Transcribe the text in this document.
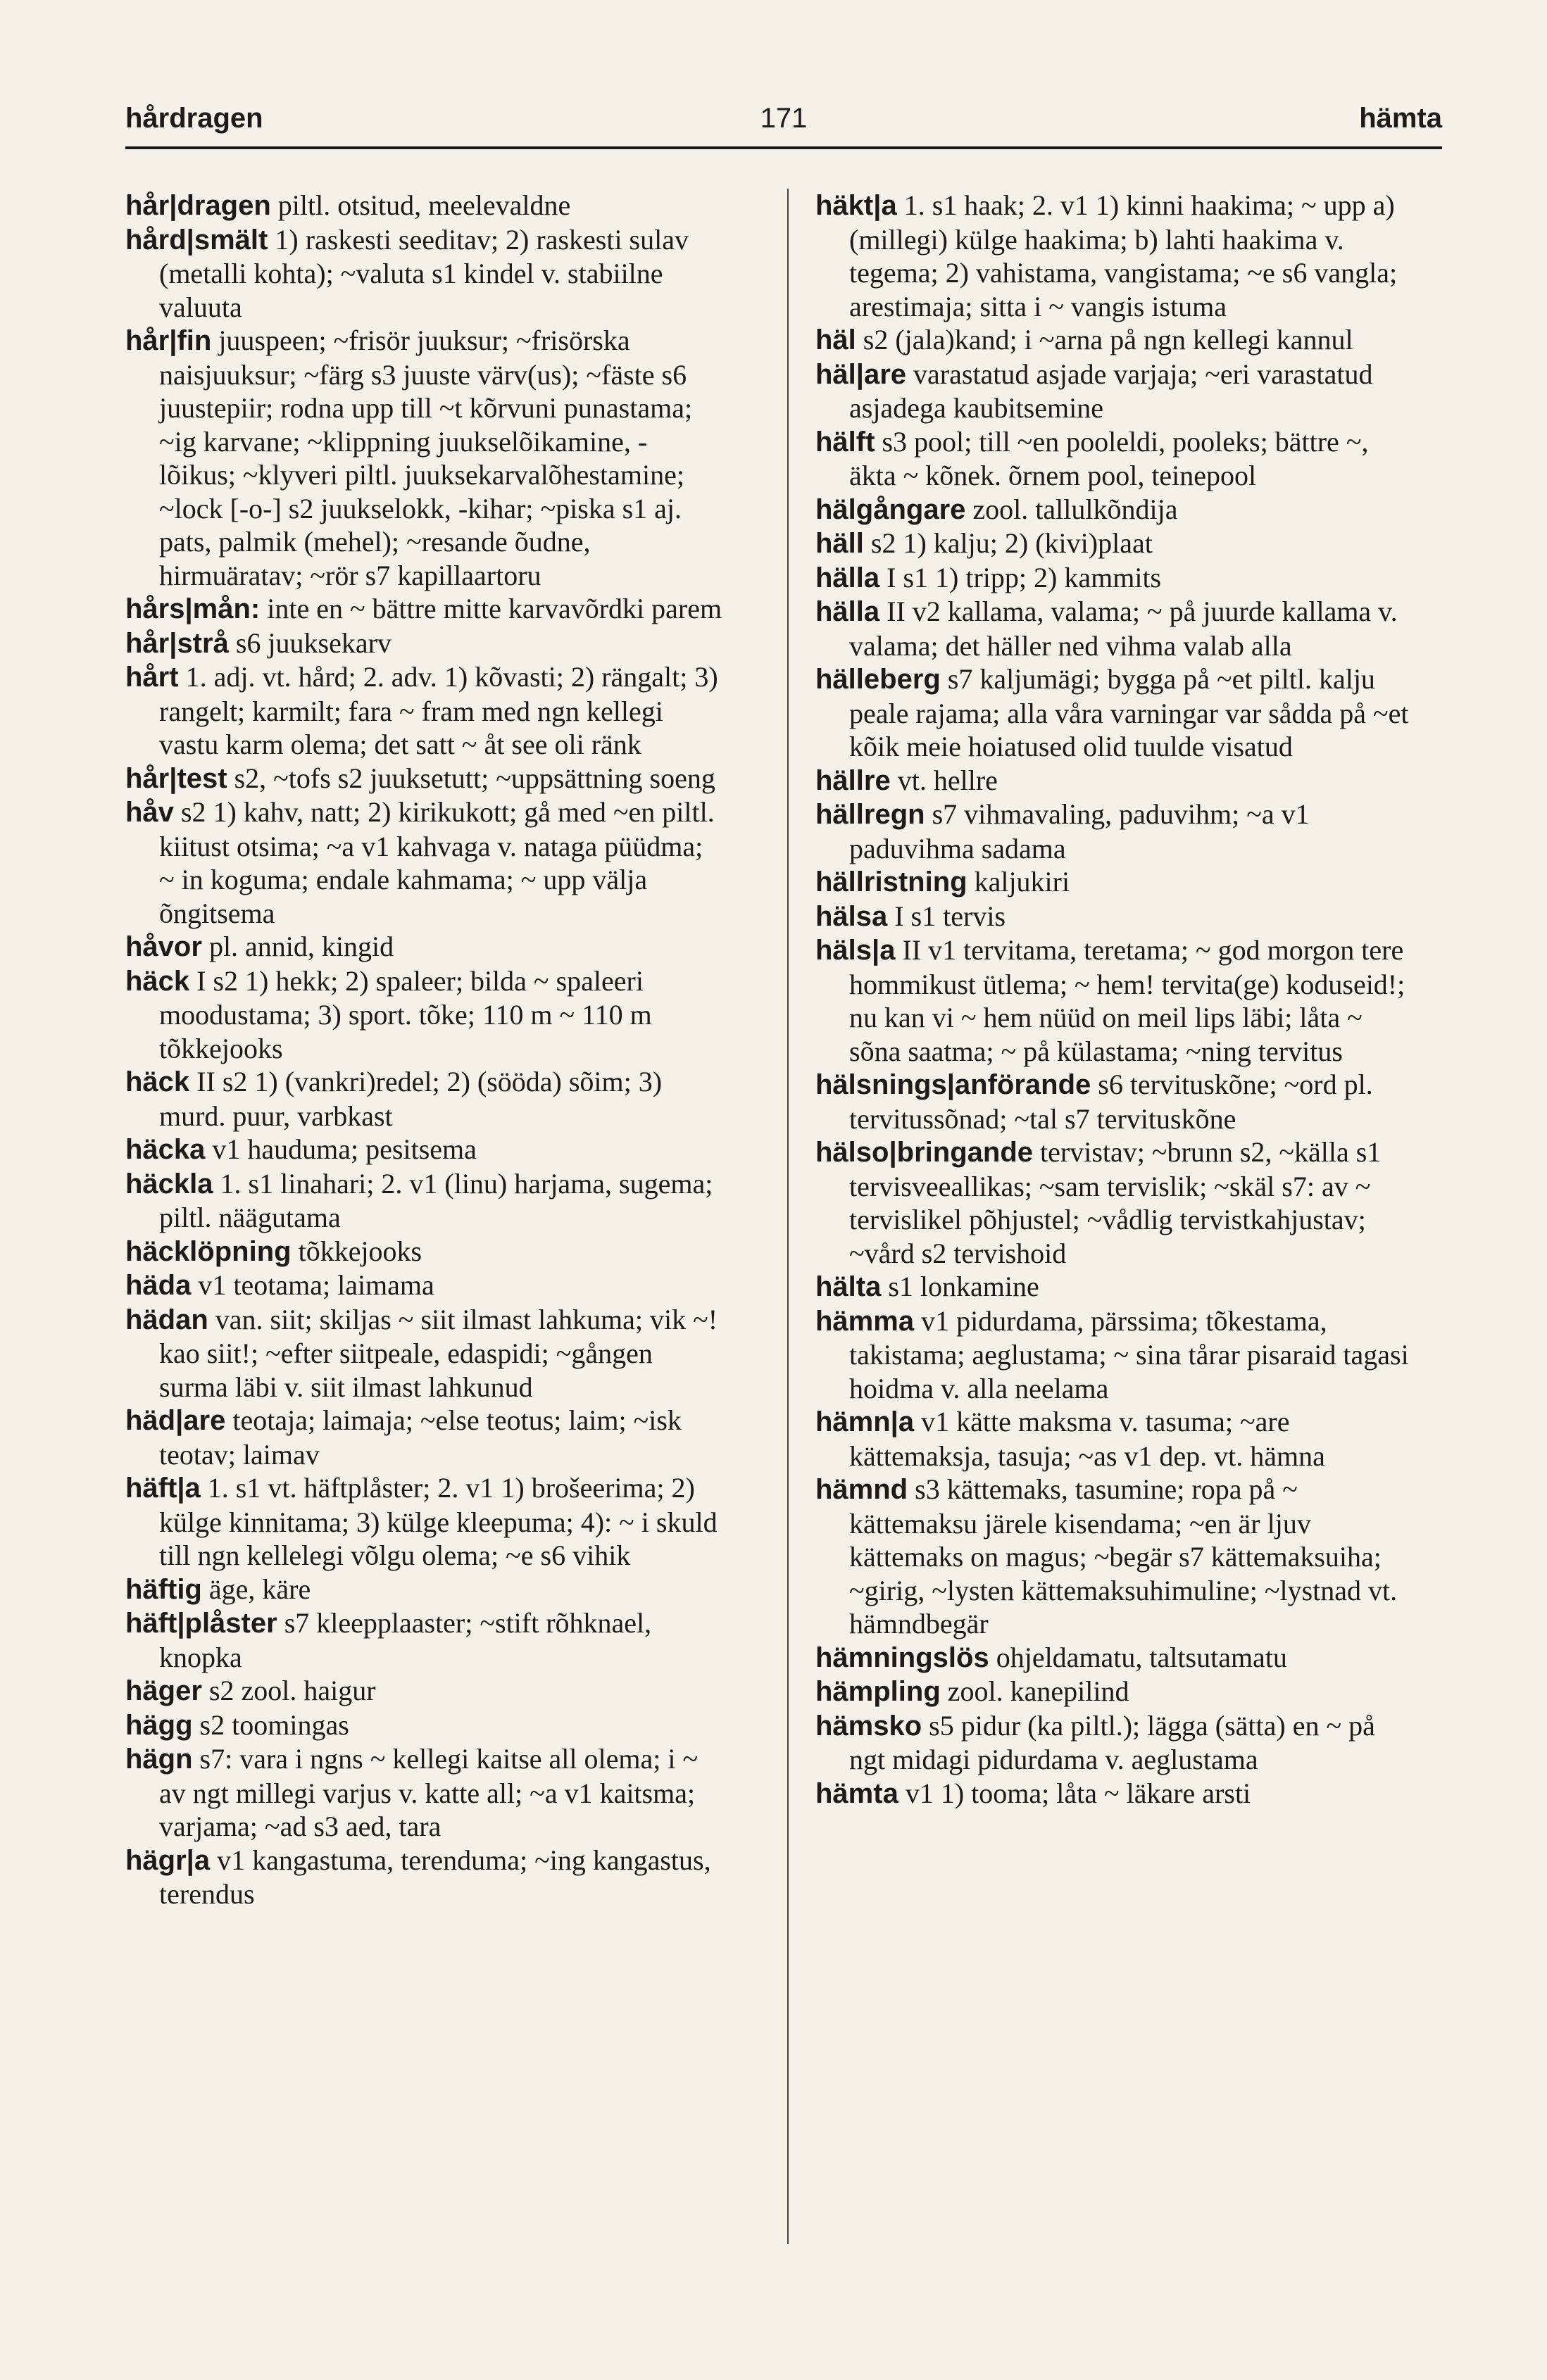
171
hårdragen	hämta
hår|dragen piltl. otsitud, meelevaldne
hård|smält 1) raskesti seeditav; 2) raskesti sulav (metalli kohta); ~valuta s1 kindel v. stabiilne valuuta
hår|fin juuspeen; ~frisör juuksur; ~frisörska naisjuuksur; ~färg s3 juuste värv(us); ~fäste s6 juustepiir; rodna upp till ~t kõrvuni punastama; ~ig karvane; ~klippning juukselõikamine, -lõikus; ~klyveri piltl. juuksekarvalõhestamine; ~lock [-o-] s2 juukselokk, -kihar; ~piska s1 aj. pats, palmik (mehel); ~resande õudne, hirmuäratav; ~rör s7 kapillaartoru
hårs|mån: inte en ~ bättre mitte karvavõrdki parem
hår|strå s6 juuksekarv
hårt 1. adj. vt. hård; 2. adv. 1) kõvasti; 2) rängalt; 3) rangelt; karmilt; fara ~ fram med ngn kellegi vastu karm olema; det satt ~ åt see oli ränk
hår|test s2, ~tofs s2 juuksetutt; ~uppsättning soeng
håv s2 1) kahv, natt; 2) kirikukott; gå med ~en piltl. kiitust otsima; ~a v1 kahvaga v. nataga püüdma; ~ in koguma; endale kahmama; ~ upp välja õngitsema
håvor pl. annid, kingid
häck I s2 1) hekk; 2) spaleer; bilda ~ spaleeri moodustama; 3) sport. tõke; 110 m ~ 110 m tõkkejooks
häck II s2 1) (vankri)redel; 2) (sööda) sõim; 3) murd. puur, varbkast
häcka v1 hauduma; pesitsema
häckla 1. s1 linahari; 2. v1 (linu) harjama, sugema; piltl. näägutama
häcklöpning tõkkejooks
häda v1 teotama; laimama
hädan van. siit; skiljas ~ siit ilmast lahkuma; vik ~! kao siit!; ~efter siitpeale, edaspidi; ~gången surma läbi v. siit ilmast lahkunud
häd|are teotaja; laimaja; ~else teotus; laim; ~isk teotav; laimav
häft|a 1. s1 vt. häftplåster; 2. v1 1) brošeerima; 2) külge kinnitama; 3) külge kleepuma; 4): ~ i skuld till ngn kellelegi võlgu olema; ~e s6 vihik
häftig äge, käre
häft|plåster s7 kleepplaaster; ~stift rõhknael, knopka
häger s2 zool. haigur
hägg s2 toomingas
hägn s7: vara i ngns ~ kellegi kaitse all olema; i ~ av ngt millegi varjus v. katte all; ~a v1 kaitsma; varjama; ~ad s3 aed, tara
hägr|a v1 kangastuma, terenduma; ~ing kangastus, terendus
häkt|a 1. s1 haak; 2. v1 1) kinni haakima; ~ upp a) (millegi) külge haakima; b) lahti haakima v. tegema; 2) vahistama, vangistama; ~e s6 vangla; arestimaja; sitta i ~ vangis istuma
häl s2 (jala)kand; i ~arna på ngn kellegi kannul
häl|are varastatud asjade varjaja; ~eri varastatud asjadega kaubitsemine
hälft s3 pool; till ~en pooleldi, pooleks; bättre ~, äkta ~ kõnek. õrnem pool, teinepool
hälgångare zool. tallulkõndija
häll s2 1) kalju; 2) (kivi)plaat
hälla I s1 1) tripp; 2) kammits
hälla II v2 kallama, valama; ~ på juurde kallama v. valama; det häller ned vihma valab alla
hälleberg s7 kaljumägi; bygga på ~et piltl. kalju peale rajama; alla våra varningar var sådda på ~et kõik meie hoiatused olid tuulde visatud
hällre vt. hellre
hällregn s7 vihmavaling, paduvihm; ~a v1 paduvihma sadama
hällristning kaljukiri
hälsa I s1 tervis
häls|a II v1 tervitama, teretama; ~ god morgon tere hommikust ütlema; ~ hem! tervita(ge) koduseid!; nu kan vi ~ hem nüüd on meil lips läbi; låta ~ sõna saatma; ~ på külastama; ~ning tervitus
hälsnings|anförande s6 tervituskõne; ~ord pl. tervitussõnad; ~tal s7 tervituskõne
hälso|bringande tervistav; ~brunn s2, ~källa s1 tervisveeallikas; ~sam tervislik; ~skäl s7: av ~ tervislikel põhjustel; ~vådlig tervistkahjustav; ~vård s2 tervishoid
hälta s1 lonkamine
hämma v1 pidurdama, pärssima; tõkestama, takistama; aeglustama; ~ sina tårar pisaraid tagasi hoidma v. alla neelama
hämn|a v1 kätte maksma v. tasuma; ~are kättemaksja, tasuja; ~as v1 dep. vt. hämna
hämnd s3 kättemaks, tasumine; ropa på ~ kättemaksu järele kisendama; ~en är ljuv kättemaks on magus; ~begär s7 kättemaksuiha; ~girig, ~lysten kättemaksuhimuline; ~lystnad vt. hämndbegär
hämningslös ohjeldamatu, taltsutamatu
hämpling zool. kanepilind
hämsko s5 pidur (ka piltl.); lägga (sätta) en ~ på ngt midagi pidurdama v. aeglustama
hämta v1 1) tooma; låta ~ läkare arsti
